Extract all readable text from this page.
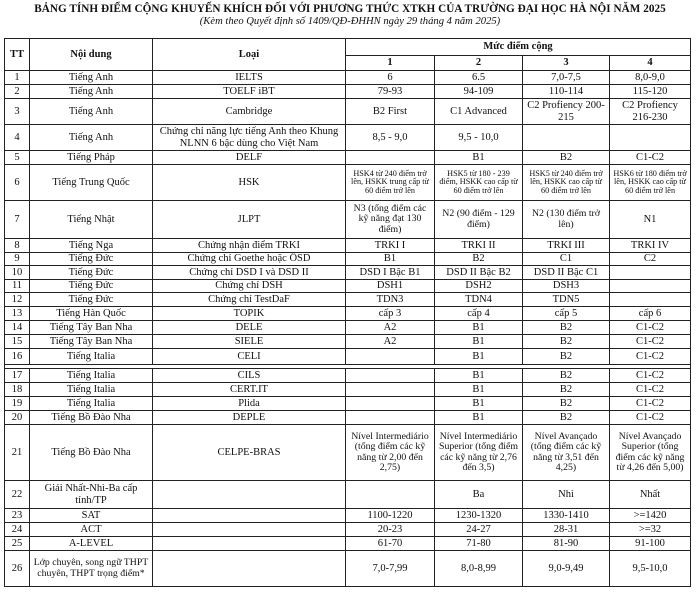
BẢNG TÍNH ĐIỂM CỘNG KHUYẾN KHÍCH ĐỐI VỚI PHƯƠNG THỨC XTKH CỦA TRƯỜNG ĐẠI HỌC HÀ NỘI NĂM 2025
(Kèm theo Quyết định số 1409/QĐ-ĐHHN ngày 29 tháng 4 năm 2025)
TT	Nội dung	Loại	Mức điểm cộng			
			1	2	3	4
1	Tiếng Anh	IELTS	6	6.5	7,0-7,5	8,0-9,0
2	Tiếng Anh	TOELF iBT	79-93	94-109	110-114	115-120
3	Tiếng Anh	Cambridge	B2 First	C1 Advanced	C2 Profiency 200-215	C2 Profiency 216-230
4	Tiếng Anh	Chứng chỉ năng lực tiếng Anh theo Khung NLNN 6 bậc dùng cho Việt Nam	8,5 - 9,0	9,5 - 10,0		
5	Tiếng Pháp	DELF		B1	B2	C1-C2
6	Tiếng Trung Quốc	HSK	HSK4 từ 240 điểm trở lên, HSKK trung cấp từ 60 điểm trở lên	HSK5 từ 180 - 239 điểm, HSKK cao cấp từ 60 điểm trở lên	HSK5 từ 240 điểm trở lên, HSKK cao cấp từ 60 điểm trở lên	HSK6 từ 180 điểm trở lên, HSKK cao cấp từ 60 điểm trở lên
7	Tiếng Nhật	JLPT	N3 (tổng điểm các kỹ năng đạt 130 điểm)	N2 (90 điểm - 129 điểm)	N2 (130 điểm trở lên)	N1
8	Tiếng Nga	Chứng nhận điểm TRKI	TRKI I	TRKI II	TRKI III	TRKI IV
9	Tiếng Đức	Chứng chỉ Goethe hoặc ÖSD	B1	B2	C1	C2
10	Tiếng Đức	Chứng chỉ DSD I và DSD II	DSD I Bậc B1	DSD II Bậc B2	DSD II Bậc C1	
11	Tiếng Đức	Chứng chỉ DSH	DSH1	DSH2	DSH3	
12	Tiếng Đức	Chứng chỉ TestDaF	TDN3	TDN4	TDN5	
13	Tiếng Hàn Quốc	TOPIK	cấp 3	cấp 4	cấp 5	cấp 6
14	Tiếng Tây Ban Nha	DELE	A2	B1	B2	C1-C2
15	Tiếng Tây Ban Nha	SIELE	A2	B1	B2	C1-C2
16	Tiếng Italia	CELI		B1	B2	C1-C2

17	Tiếng Italia	CILS		B1	B2	C1-C2
18	Tiếng Italia	CERT.IT		B1	B2	C1-C2
19	Tiếng Italia	Plida		B1	B2	C1-C2
20	Tiếng Bồ Đào Nha	DEPLE		B1	B2	C1-C2
21	Tiếng Bồ Đào Nha	CELPE-BRAS	Nível Intermediário (tổng điểm các kỹ năng từ 2,00 đến 2,75)	Nível Intermediário Superior (tổng điểm các kỹ năng từ 2,76 đến 3,5)	Nível Avançado (tổng điểm các kỹ năng từ 3,51 đến 4,25)	Nível Avançado Superior (tổng điểm các kỹ năng từ 4,26 đến 5,00)
22	Giải Nhất-Nhì-Ba cấp tỉnh/TP			Ba	Nhì	Nhất
23	SAT		1100-1220	1230-1320	1330-1410	>=1420
24	ACT		20-23	24-27	28-31	>=32
25	A-LEVEL		61-70	71-80	81-90	91-100
26	Lớp chuyên, song ngữ THPT chuyên, THPT trọng điểm*		7,0-7,99	8,0-8,99	9,0-9,49	9,5-10,0
